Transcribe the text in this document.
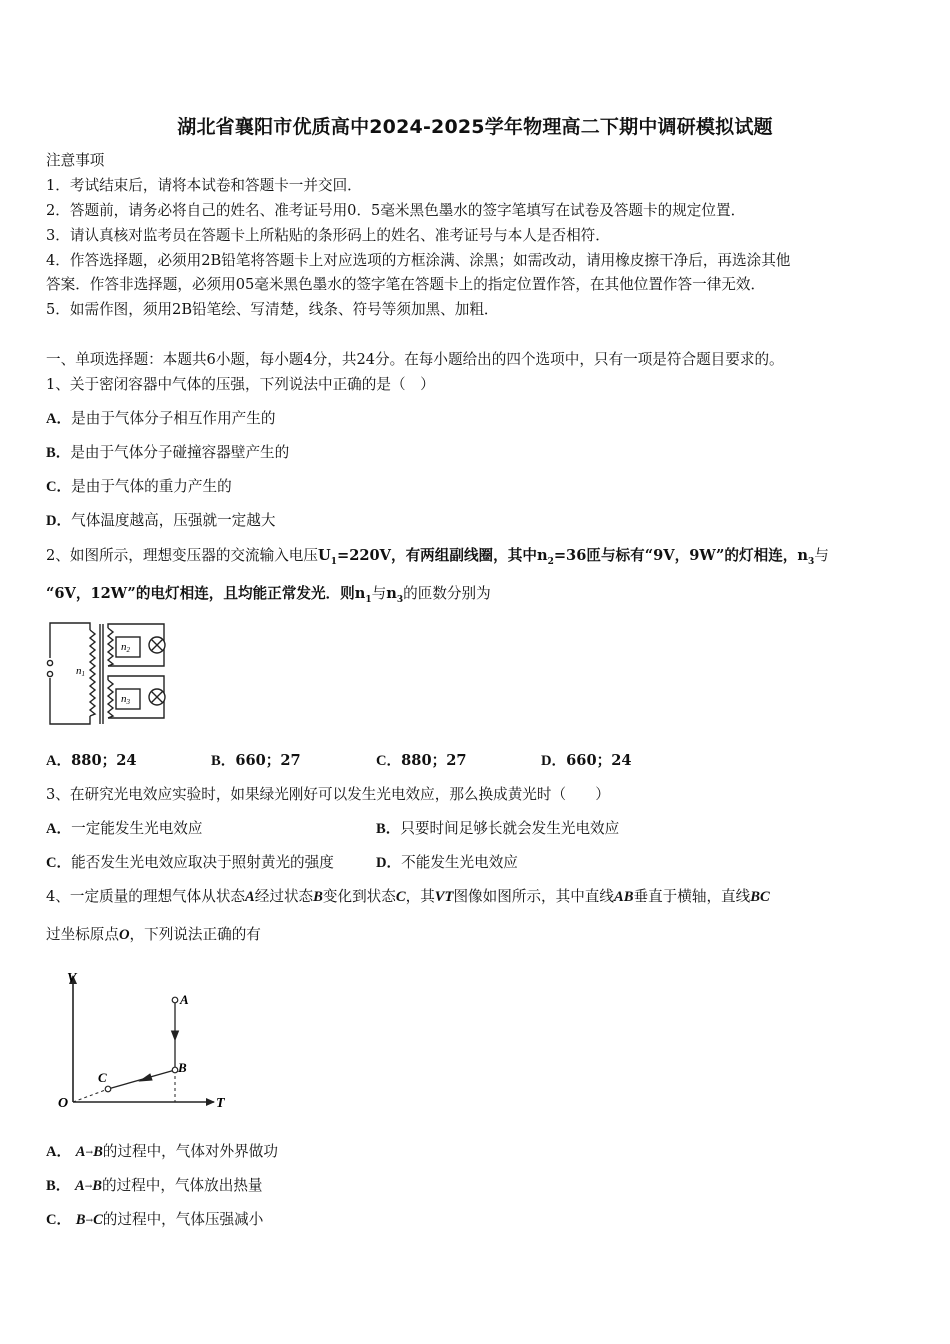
湖北省襄阳市优质高中2024-2025学年物理高二下期中调研模拟试题
注意事项
1．考试结束后，请将本试卷和答题卡一并交回．
2．答题前，请务必将自己的姓名、准考证号用0．5毫米黑色墨水的签字笔填写在试卷及答题卡的规定位置．
3．请认真核对监考员在答题卡上所粘贴的条形码上的姓名、准考证号与本人是否相符．
4．作答选择题，必须用2B铅笔将答题卡上对应选项的方框涂满、涂黑；如需改动，请用橡皮擦干净后，再选涂其他
答案．作答非选择题，必须用05毫米黑色墨水的签字笔在答题卡上的指定位置作答，在其他位置作答一律无效．
5．如需作图，须用2B铅笔绘、写清楚，线条、符号等须加黑、加粗．
一、单项选择题：本题共6小题，每小题4分，共24分。在每小题给出的四个选项中，只有一项是符合题目要求的。
1、关于密闭容器中气体的压强，下列说法中正确的是（　）
A．是由于气体分子相互作用产生的
B．是由于气体分子碰撞容器壁产生的
C．是由于气体的重力产生的
D．气体温度越高，压强就一定越大
2、如图所示，理想变压器的交流输入电压$U_1=220V$，有两组副线圈，其中$n_2=36$匝与标有“9V，9W”的灯相连，$n_3$与
“6V，12W”的电灯相连，且均能正常发光．则$n_1$与$n_3$的匝数分别为
n1
n2
n3
A．880；24	B．660；27	C．880；27	D．660；24
3、在研究光电效应实验时，如果绿光刚好可以发生光电效应，那么换成黄光时（　　）
A．一定能发生光电效应	B．只要时间足够长就会发生光电效应
C．能否发生光电效应取决于照射黄光的强度	D．不能发生光电效应
4、一定质量的理想气体从状态A经过状态B变化到状态C，其VT图像如图所示，其中直线AB垂直于横轴，直线BC
过坐标原点O，下列说法正确的有
V
T
O
A
B
C
A． A→B的过程中，气体对外界做功
B． A→B的过程中，气体放出热量
C． B→C的过程中，气体压强减小
